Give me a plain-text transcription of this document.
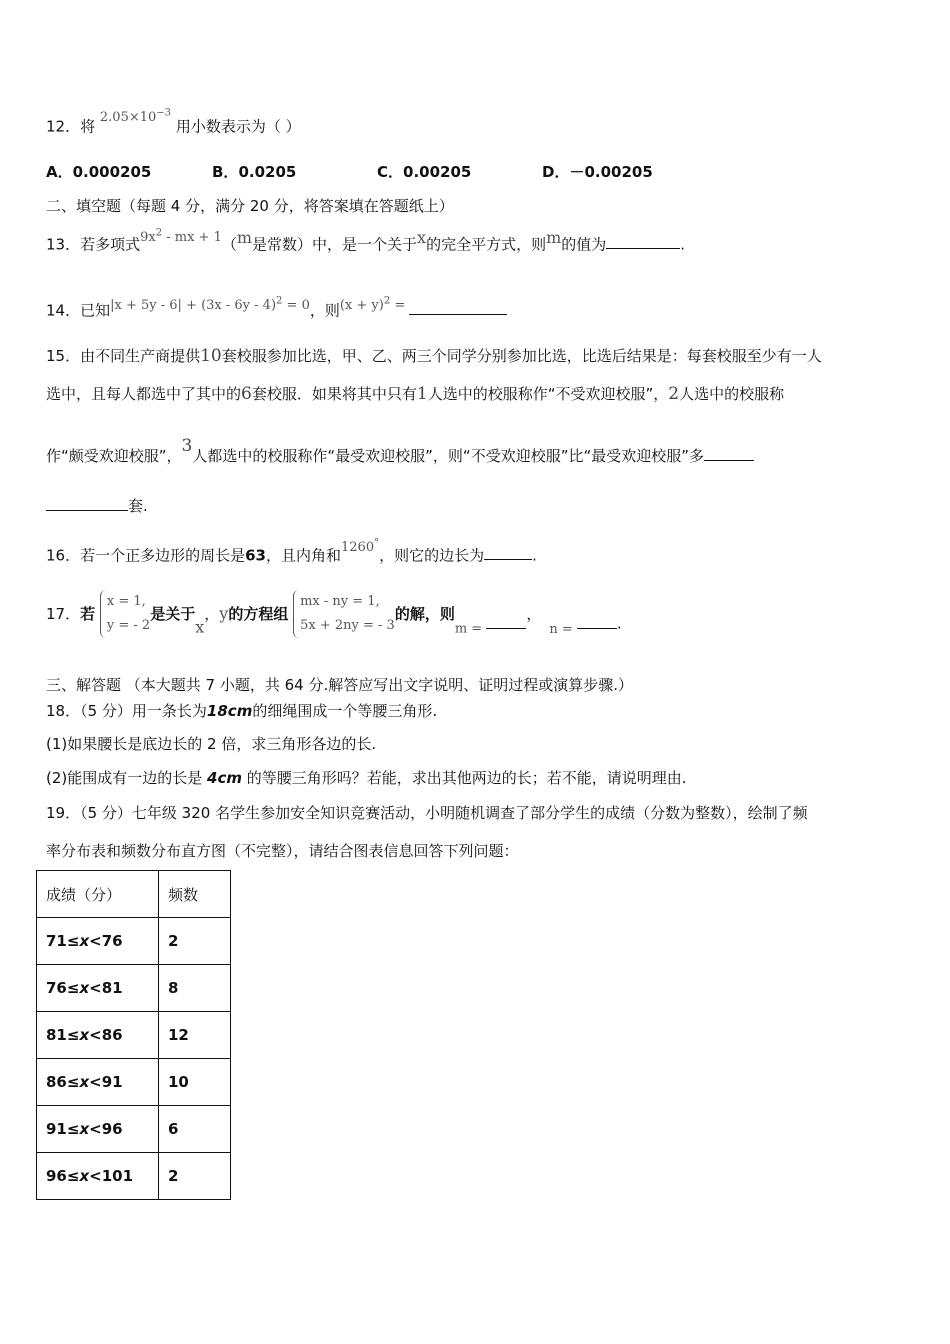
12．将 $2.05\times 10^{-3}$ 用小数表示为（ ）
A．0.000205	B．0.0205	C．0.00205	D．－0.00205
二、填空题（每题 4 分，满分 20 分，将答案填在答题纸上）
13．若多项式$9x^2$ - mx + 1（m是常数）中，是一个关于x的完全平方式，则m的值为	.
14．已知|x + 5y - 6| + (3x - 6y - 4)$^2$ = 0，则$(x + y)^2$ =
15．由不同生产商提供10套校服参加比选，甲、乙、两三个同学分别参加比选，比选后结果是：每套校服至少有一人
选中，且每人都选中了其中的6套校服．如果将其中只有1人选中的校服称作“不受欢迎校服”，2人选中的校服称
作“颇受欢迎校服”，3人都选中的校服称作“最受欢迎校服”，则“不受欢迎校服”比“最受欢迎校服”多
套.
16．若一个正多边形的周长是63，且内角和1260°，则它的边长为	.
17．若 x = 1,
y = - 2是关于x，y的方程组 mx - ny = 1,
5x + 2ny = - 3的解，则m = ，n =	.
三、解答题 （本大题共 7 小题，共 64 分.解答应写出文字说明、证明过程或演算步骤.）
18．（5 分）用一条长为18cm的细绳围成一个等腰三角形.
(1)如果腰长是底边长的 2 倍，求三角形各边的长.
(2)能围成有一边的长是 4cm 的等腰三角形吗？若能，求出其他两边的长；若不能，请说明理由.
19．（5 分）七年级 320 名学生参加安全知识竞赛活动，小明随机调查了部分学生的成绩（分数为整数），绘制了频
率分布表和频数分布直方图（不完整），请结合图表信息回答下列问题：
成绩（分）	频数
71≤x<76	2
76≤x<81	8
81≤x<86	12
86≤x<91	10
91≤x<96	6
96≤x<101	2
